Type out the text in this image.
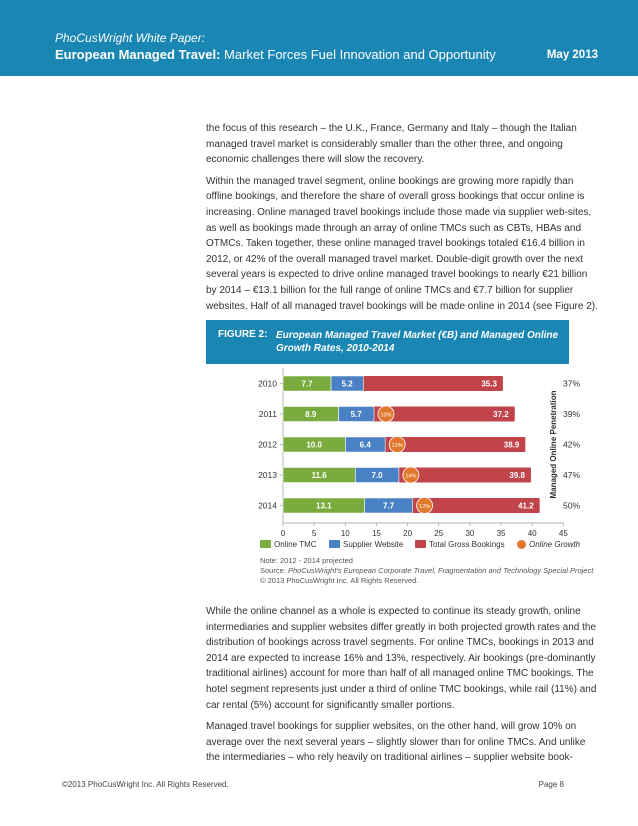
PhoCusWright White Paper:
European Managed Travel: Market Forces Fuel Innovation and Opportunity	May 2013

the focus of this research – the U.K., France, Germany and Italy – though the Italian managed travel market is considerably smaller than the other three, and ongoing economic challenges there will slow the recovery.

Within the managed travel segment, online bookings are growing more rapidly than offline bookings, and therefore the share of overall gross bookings that occur online is increasing. Online managed travel bookings include those made via supplier web-sites, as well as bookings made through an array of online TMCs such as CBTs, HBAs and OTMCs. Taken together, these online managed travel bookings totaled €16.4 billion in 2012, or 42% of the overall managed travel market. Double-digit growth over the next several years is expected to drive online managed travel bookings to nearly €21 billion by 2014 – €13.1 billion for the full range of online TMCs and €7.7 billion for supplier websites. Half of all managed travel bookings will be made online in 2014 (see Figure 2).

FIGURE 2: European Managed Travel Market (€B) and Managed Online Growth Rates, 2010-2014
0	5	10	15	20	25	30	35	40	45
2010	7.7	5.2	35.3	37%
2011	8.9	5.7	37.2
13%	39%
2012	10.0	6.4	38.9
12%	42%
2013	11.6	7.0	39.8
14%	47%
2014	13.1	7.7	41.2
12%	50%
Managed Online Penetration
Online TMC	Supplier Website	Total Gross Bookings	Online Growth
Note: 2012 - 2014 projected
Source: PhoCusWright's European Corporate Travel, Fragmentation and Technology Special Project
© 2013 PhoCusWright Inc. All Rights Reserved.

While the online channel as a whole is expected to continue its steady growth, online intermediaries and supplier websites differ greatly in both projected growth rates and the distribution of bookings across travel segments. For online TMCs, bookings in 2013 and 2014 are expected to increase 16% and 13%, respectively. Air bookings (pre-dominantly traditional airlines) account for more than half of all managed online TMC bookings. The hotel segment represents just under a third of online TMC bookings, while rail (11%) and car rental (5%) account for significantly smaller portions.

Managed travel bookings for supplier websites, on the other hand, will grow 10% on average over the next several years – slightly slower than for online TMCs. And unlike the intermediaries – who rely heavily on traditional airlines – supplier website book-

©2013 PhoCusWright Inc. All Rights Reserved.	Page 8
